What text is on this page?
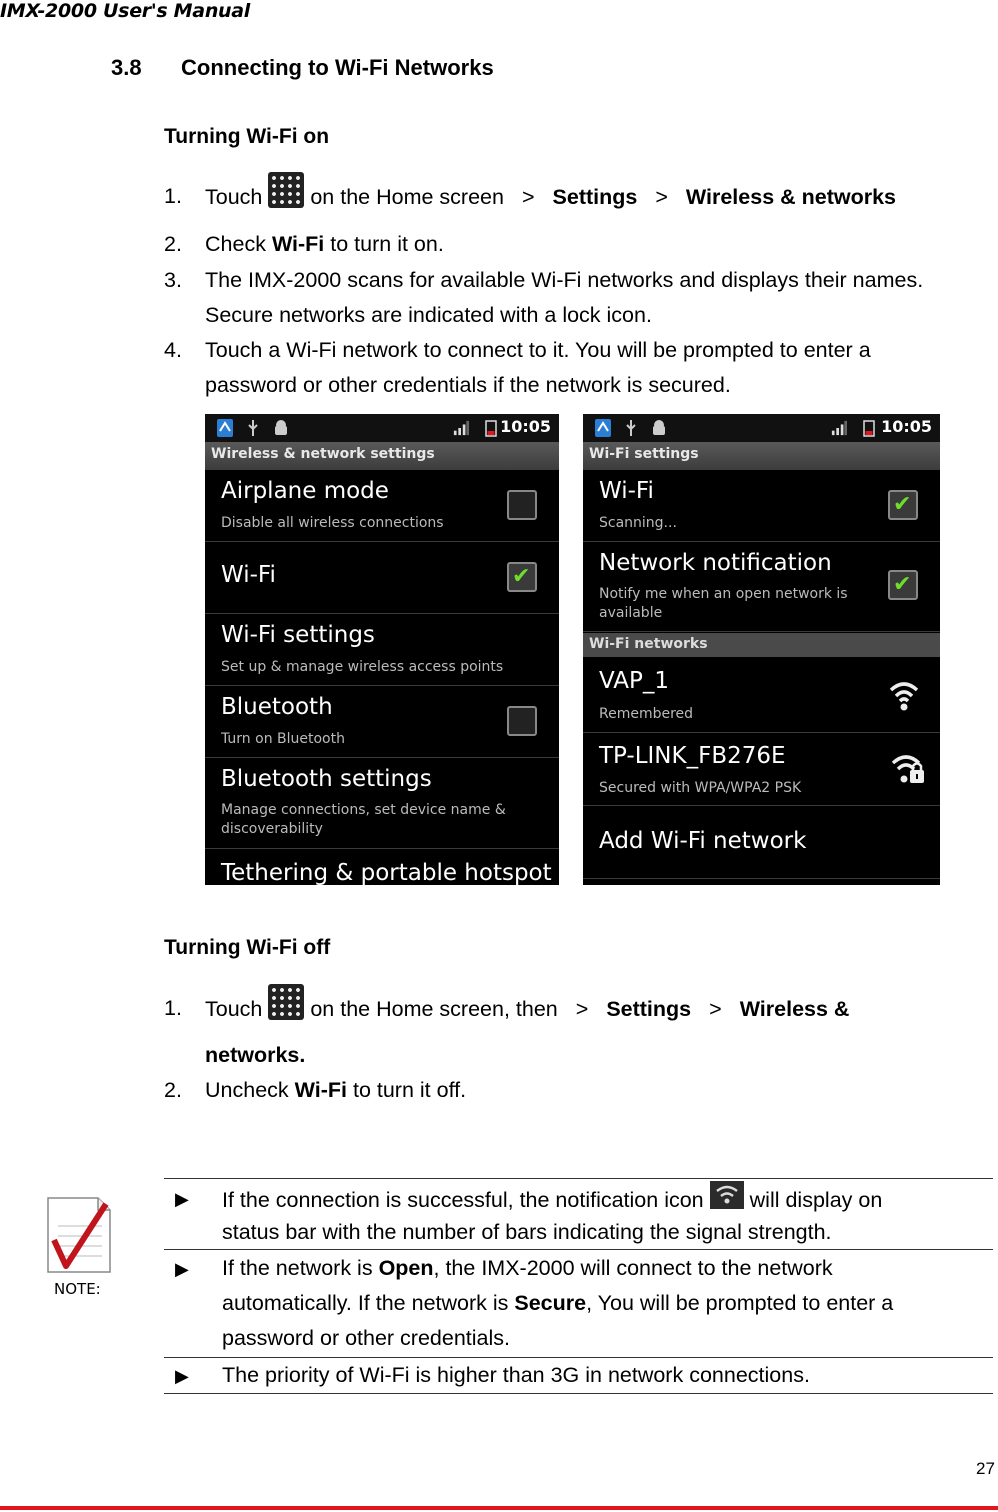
IMX-2000 User's Manual
3.8 Connecting to Wi-Fi Networks
Turning Wi-Fi on
1. Touch on the Home screen > Settings > Wireless & networks
2. Check Wi-Fi to turn it on.
3. The IMX-2000 scans for available Wi-Fi networks and displays their names.
Secure networks are indicated with a lock icon.
4. Touch a Wi-Fi network to connect to it. You will be prompted to enter a
password or other credentials if the network is secured.
10:05
Wireless & network settings
Airplane mode
Disable all wireless connections
Wi-Fi	✔
Wi-Fi settings
Set up & manage wireless access points
Bluetooth
Turn on Bluetooth
Bluetooth settings
Manage connections, set device name &
discoverability
Tethering & portable hotspot
10:05
Wi-Fi settings
Wi-Fi
Scanning...
✔
Network notification
Notify me when an open network is
available
✔
Wi-Fi networks
VAP_1
Remembered
TP-LINK_FB276E
Secured with WPA/WPA2 PSK
Add Wi-Fi network
Turning Wi-Fi off
1. Touch on the Home screen, then > Settings > Wireless &
networks.
2. Uncheck Wi-Fi to turn it off.
NOTE:
▶ If the connection is successful, the notification icon will display on
status bar with the number of bars indicating the signal strength.
▶ If the network is Open, the IMX-2000 will connect to the network
automatically. If the network is Secure, You will be prompted to enter a
password or other credentials.
▶ The priority of Wi-Fi is higher than 3G in network connections.
27
